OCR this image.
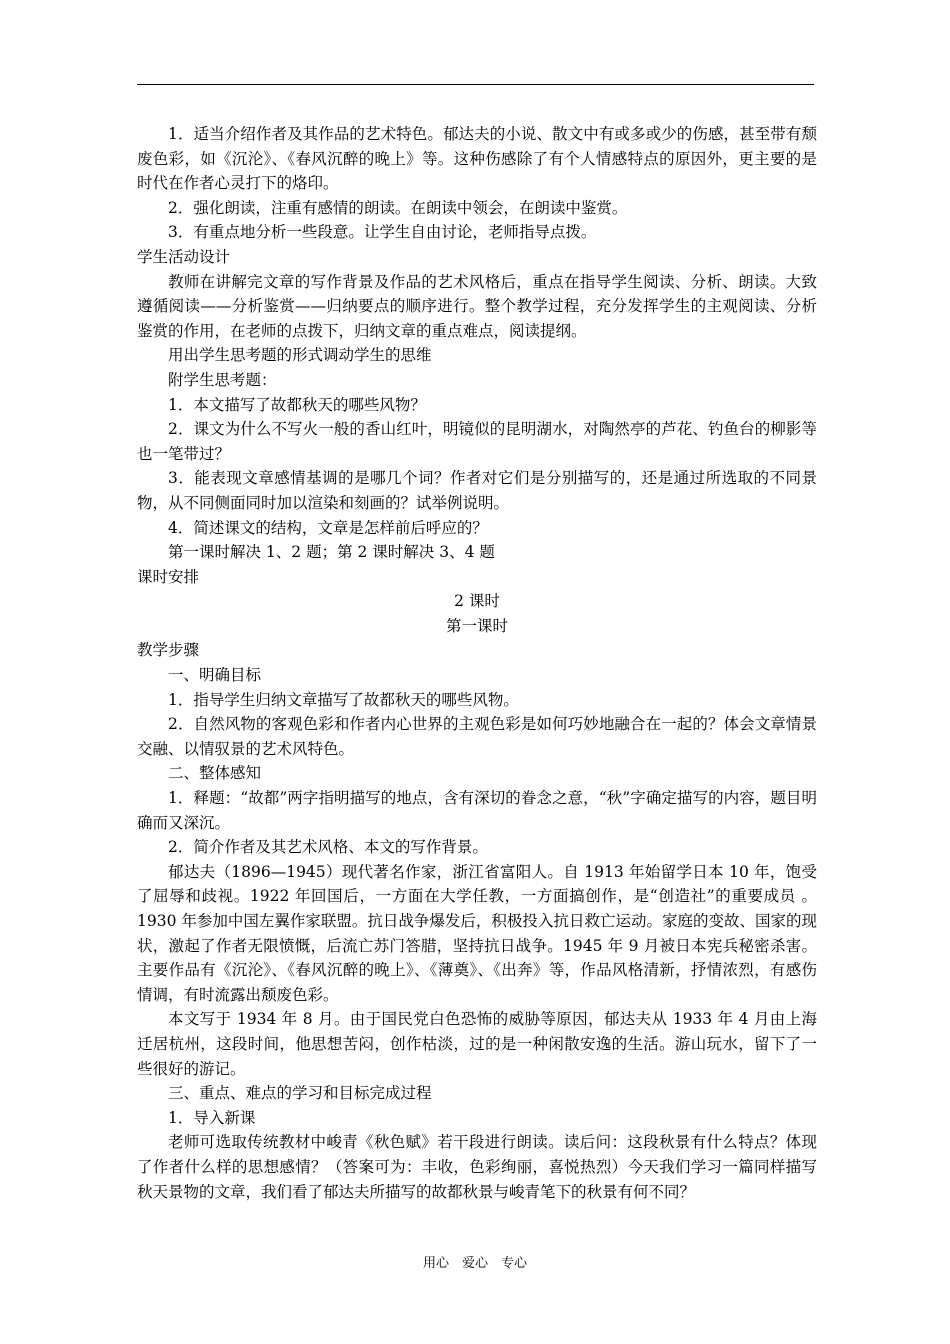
1．适当介绍作者及其作品的艺术特色。郁达夫的小说、散文中有或多或少的伤感，甚至带有颓废色彩，如《沉沦》、《春风沉醉的晚上》等。这种伤感除了有个人情感特点的原因外，更主要的是时代在作者心灵打下的烙印。

2．强化朗读，注重有感情的朗读。在朗读中领会，在朗读中鉴赏。

3．有重点地分析一些段意。让学生自由讨论，老师指导点拨。

学生活动设计

教师在讲解完文章的写作背景及作品的艺术风格后，重点在指导学生阅读、分析、朗读。大致遵循阅读——分析鉴赏——归纳要点的顺序进行。整个教学过程，充分发挥学生的主观阅读、分析鉴赏的作用，在老师的点拨下，归纳文章的重点难点，阅读提纲。

用出学生思考题的形式调动学生的思维

附学生思考题：

1．本文描写了故都秋天的哪些风物？

2．课文为什么不写火一般的香山红叶，明镜似的昆明湖水，对陶然亭的芦花、钓鱼台的柳影等也一笔带过？

3．能表现文章感情基调的是哪几个词？作者对它们是分别描写的，还是通过所选取的不同景物，从不同侧面同时加以渲染和刻画的？试举例说明。

4．简述课文的结构，文章是怎样前后呼应的？

第一课时解决 1、2 题；第 2 课时解决 3、4 题

课时安排

2 课时

第一课时

教学步骤

一、明确目标

1．指导学生归纳文章描写了故都秋天的哪些风物。

2．自然风物的客观色彩和作者内心世界的主观色彩是如何巧妙地融合在一起的？体会文章情景交融、以情驭景的艺术风特色。

二、整体感知

1．释题：“故都”两字指明描写的地点，含有深切的眷念之意，“秋”字确定描写的内容，题目明确而又深沉。

2．简介作者及其艺术风格、本文的写作背景。

郁达夫（1896—1945）现代著名作家，浙江省富阳人。自 1913 年始留学日本 10 年，饱受了屈辱和歧视。1922 年回国后，一方面在大学任教，一方面搞创作，是“创造社”的重要成员 。1930 年参加中国左翼作家联盟。抗日战争爆发后，积极投入抗日救亡运动。家庭的变故、国家的现状，激起了作者无限愤慨，后流亡苏门答腊，坚持抗日战争。1945 年 9 月被日本宪兵秘密杀害。主要作品有《沉沦》、《春风沉醉的晚上》、《薄奠》、《出奔》等，作品风格清新，抒情浓烈，有感伤情调，有时流露出颓废色彩。

本文写于 1934 年 8 月。由于国民党白色恐怖的威胁等原因，郁达夫从 1933 年 4 月由上海迁居杭州，这段时间，他思想苦闷，创作枯淡，过的是一种闲散安逸的生活。游山玩水，留下了一些很好的游记。

三、重点、难点的学习和目标完成过程

1．导入新课

老师可选取传统教材中峻青《秋色赋》若干段进行朗读。读后问：这段秋景有什么特点？体现了作者什么样的思想感情？（答案可为：丰收，色彩绚丽，喜悦热烈）今天我们学习一篇同样描写秋天景物的文章，我们看了郁达夫所描写的故都秋景与峻青笔下的秋景有何不同？

用心　爱心　专心
